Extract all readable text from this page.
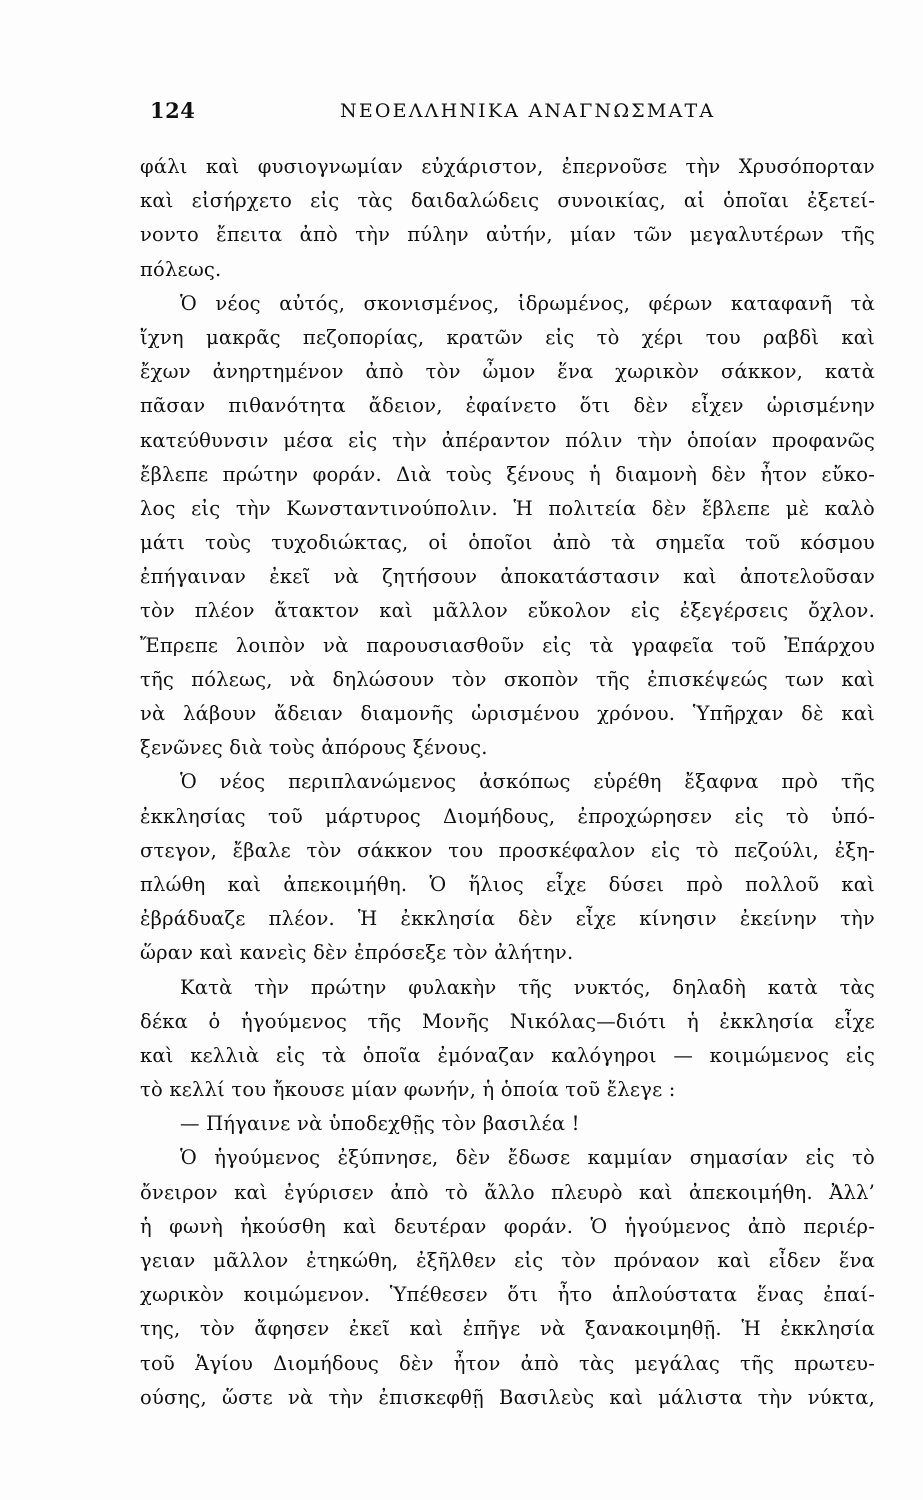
124	ΝΕΟΕΛΛΗΝΙΚΑ ΑΝΑΓΝΩΣΜΑΤΑ
φάλι καὶ φυσιογνωμίαν εὐχάριστον, ἐπερνοῦσε τὴν Χρυσόπορταν
καὶ εἰσήρχετο εἰς τὰς δαιδαλώδεις συνοικίας, αἱ ὁποῖαι ἐξετεί-
νοντο ἔπειτα ἀπὸ τὴν πύλην αὐτήν, μίαν τῶν μεγαλυτέρων τῆς
πόλεως.
Ὁ νέος αὐτός, σκονισμένος, ἱδρωμένος, φέρων καταφανῆ τὰ
ἴχνη μακρᾶς πεζοπορίας, κρατῶν εἰς τὸ χέρι του ραβδὶ καὶ
ἔχων ἀνηρτημένον ἀπὸ τὸν ὦμον ἕνα χωρικὸν σάκκον, κατὰ
πᾶσαν πιθανότητα ἄδειον, ἐφαίνετο ὅτι δὲν εἶχεν ὡρισμένην
κατεύθυνσιν μέσα εἰς τὴν ἀπέραντον πόλιν τὴν ὁποίαν προφανῶς
ἔβλεπε πρώτην φοράν. Διὰ τοὺς ξένους ἡ διαμονὴ δὲν ἦτον εὔκο-
λος εἰς τὴν Κωνσταντινούπολιν. Ἡ πολιτεία δὲν ἔβλεπε μὲ καλὸ
μάτι τοὺς τυχοδιώκτας, οἱ ὁποῖοι ἀπὸ τὰ σημεῖα τοῦ κόσμου
ἐπήγαιναν ἐκεῖ νὰ ζητήσουν ἀποκατάστασιν καὶ ἀποτελοῦσαν
τὸν πλέον ἄτακτον καὶ μᾶλλον εὔκολον εἰς ἐξεγέρσεις ὄχλον.
Ἔπρεπε λοιπὸν νὰ παρουσιασθοῦν εἰς τὰ γραφεῖα τοῦ Ἐπάρχου
τῆς πόλεως, νὰ δηλώσουν τὸν σκοπὸν τῆς ἐπισκέψεώς των καὶ
νὰ λάβουν ἄδειαν διαμονῆς ὡρισμένου χρόνου. Ὑπῆρχαν δὲ καὶ
ξενῶνες διὰ τοὺς ἀπόρους ξένους.
Ὁ νέος περιπλανώμενος ἀσκόπως εὑρέθη ἔξαφνα πρὸ τῆς
ἐκκλησίας τοῦ μάρτυρος Διομήδους, ἐπροχώρησεν εἰς τὸ ὑπό-
στεγον, ἔβαλε τὸν σάκκον του προσκέφαλον εἰς τὸ πεζούλι, ἐξη-
πλώθη καὶ ἀπεκοιμήθη. Ὁ ἥλιος εἶχε δύσει πρὸ πολλοῦ καὶ
ἐβράδυαζε πλέον. Ἡ ἐκκλησία δὲν εἶχε κίνησιν ἐκείνην τὴν
ὥραν καὶ κανεὶς δὲν ἐπρόσεξε τὸν ἀλήτην.
Κατὰ τὴν πρώτην φυλακὴν τῆς νυκτός, δηλαδὴ κατὰ τὰς
δέκα ὁ ἡγούμενος τῆς Μονῆς Νικόλας—διότι ἡ ἐκκλησία εἶχε
καὶ κελλιὰ εἰς τὰ ὁποῖα ἐμόναζαν καλόγηροι — κοιμώμενος εἰς
τὸ κελλί του ἤκουσε μίαν φωνήν, ἡ ὁποία τοῦ ἔλεγε :
— Πήγαινε νὰ ὑποδεχθῇς τὸν βασιλέα !
Ὁ ἡγούμενος ἐξύπνησε, δὲν ἔδωσε καμμίαν σημασίαν εἰς τὸ
ὄνειρον καὶ ἐγύρισεν ἀπὸ τὸ ἄλλο πλευρὸ καὶ ἀπεκοιμήθη. Ἀλλ’
ἡ φωνὴ ἠκούσθη καὶ δευτέραν φοράν. Ὁ ἡγούμενος ἀπὸ περιέρ-
γειαν μᾶλλον ἐτηκώθη, ἐξῆλθεν εἰς τὸν πρόναον καὶ εἶδεν ἕνα
χωρικὸν κοιμώμενον. Ὑπέθεσεν ὅτι ἦτο ἁπλούστατα ἕνας ἐπαί-
της, τὸν ἄφησεν ἐκεῖ καὶ ἐπῆγε νὰ ξανακοιμηθῇ. Ἡ ἐκκλησία
τοῦ Ἁγίου Διομήδους δὲν ἦτον ἀπὸ τὰς μεγάλας τῆς πρωτευ-
ούσης, ὥστε νὰ τὴν ἐπισκεφθῇ Βασιλεὺς καὶ μάλιστα τὴν νύκτα,
